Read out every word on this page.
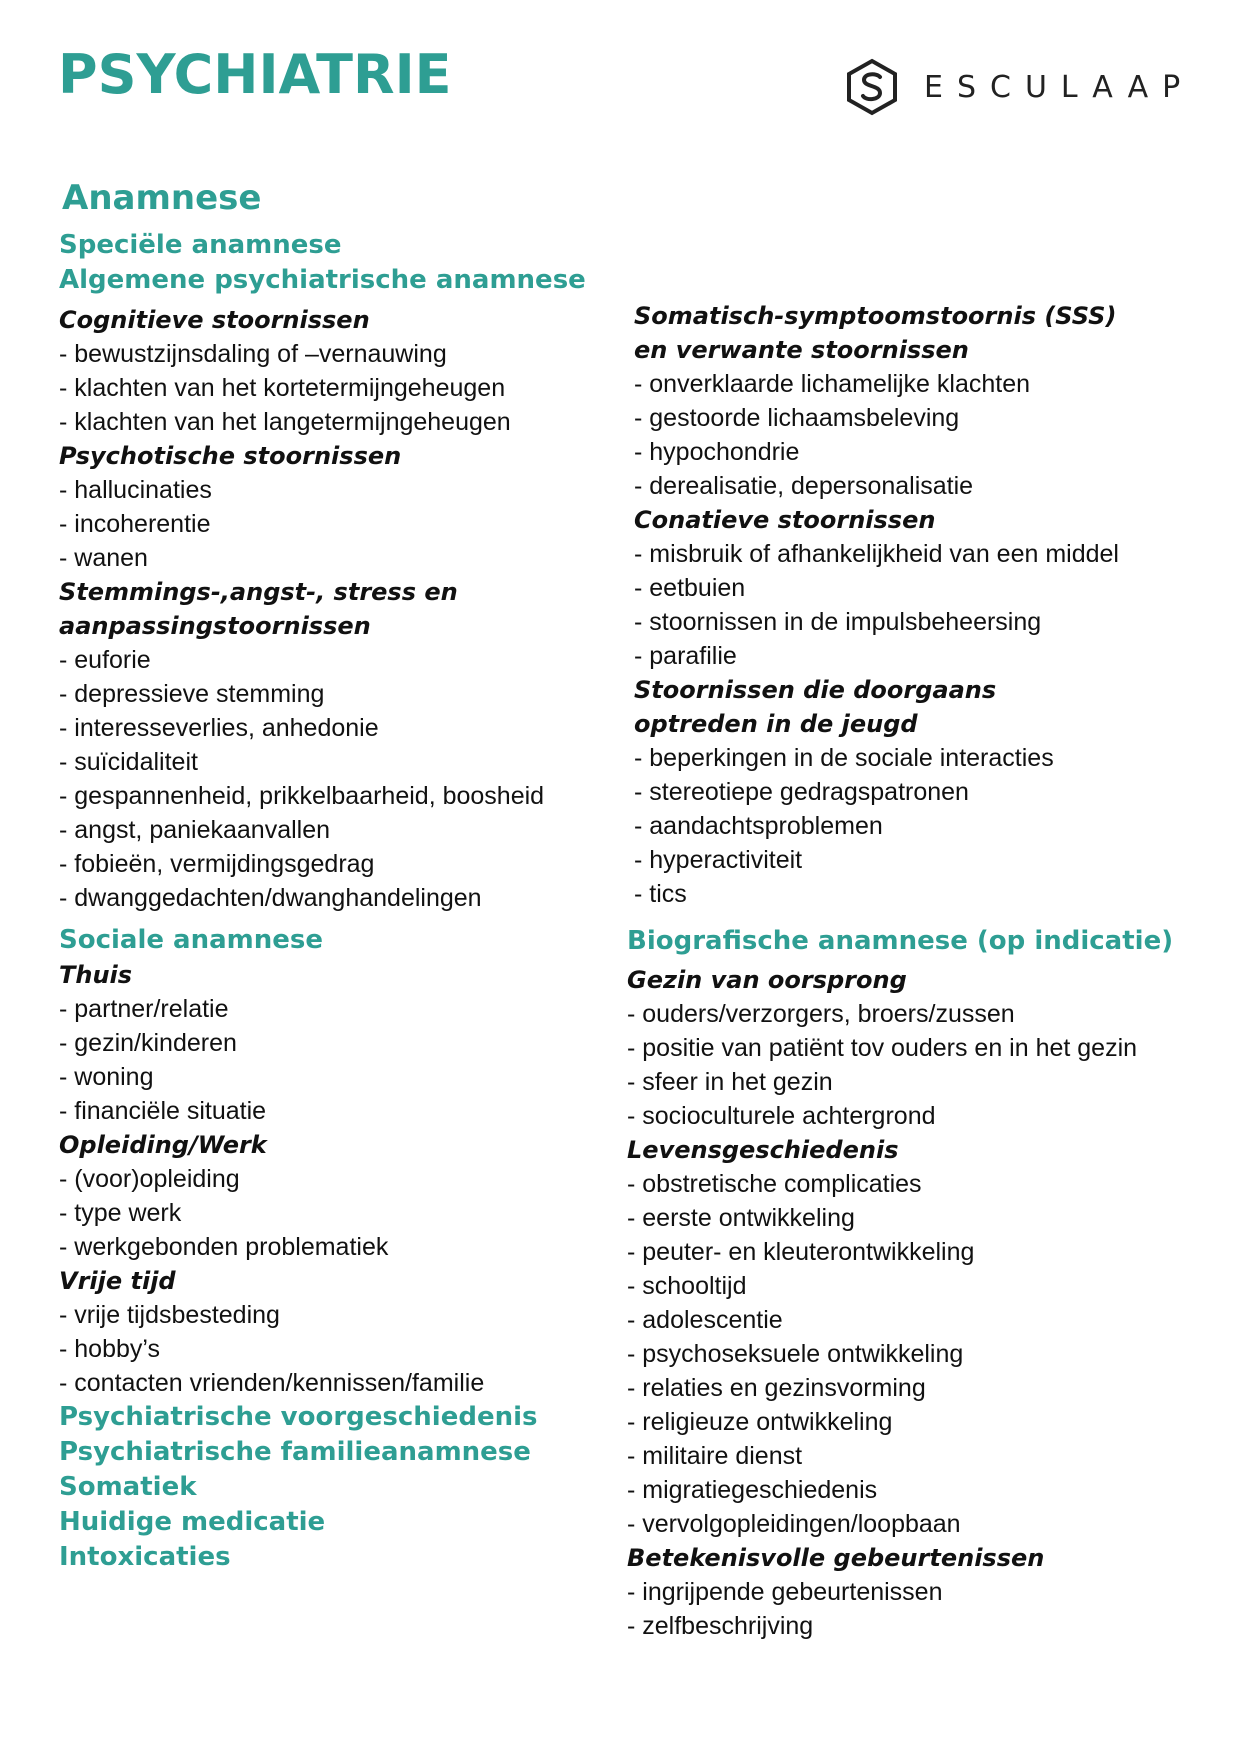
PSYCHIATRIE	ESCULAAP
Anamnese
Speciële anamnese
Algemene psychiatrische anamnese
Cognitieve stoornissen
- bewustzijnsdaling of –vernauwing
- klachten van het kortetermijngeheugen
- klachten van het langetermijngeheugen
Psychotische stoornissen
- hallucinaties
- incoherentie
- wanen
Stemmings-,angst-, stress en
aanpassingstoornissen
- euforie
- depressieve stemming
- interesseverlies, anhedonie
- suïcidaliteit
- gespannenheid, prikkelbaarheid, boosheid
- angst, paniekaanvallen
- fobieën, vermijdingsgedrag
- dwanggedachten/dwanghandelingen
Sociale anamnese
Thuis
- partner/relatie
- gezin/kinderen
- woning
- financiële situatie
Opleiding/Werk
- (voor)opleiding
- type werk
- werkgebonden problematiek
Vrije tijd
- vrije tijdsbesteding
- hobby’s
- contacten vrienden/kennissen/familie
Psychiatrische voorgeschiedenis
Psychiatrische familieanamnese
Somatiek
Huidige medicatie
Intoxicaties
Somatisch-symptoomstoornis (SSS)
en verwante stoornissen
- onverklaarde lichamelijke klachten
- gestoorde lichaamsbeleving
- hypochondrie
- derealisatie, depersonalisatie
Conatieve stoornissen
- misbruik of afhankelijkheid van een middel
- eetbuien
- stoornissen in de impulsbeheersing
- parafilie
Stoornissen die doorgaans
optreden in de jeugd
- beperkingen in de sociale interacties
- stereotiepe gedragspatronen
- aandachtsproblemen
- hyperactiviteit
- tics
Biografische anamnese (op indicatie)
Gezin van oorsprong
- ouders/verzorgers, broers/zussen
- positie van patiënt tov ouders en in het gezin
- sfeer in het gezin
- socioculturele achtergrond
Levensgeschiedenis
- obstretische complicaties
- eerste ontwikkeling
- peuter- en kleuterontwikkeling
- schooltijd
- adolescentie
- psychoseksuele ontwikkeling
- relaties en gezinsvorming
- religieuze ontwikkeling
- militaire dienst
- migratiegeschiedenis
- vervolgopleidingen/loopbaan
Betekenisvolle gebeurtenissen
- ingrijpende gebeurtenissen
- zelfbeschrijving
